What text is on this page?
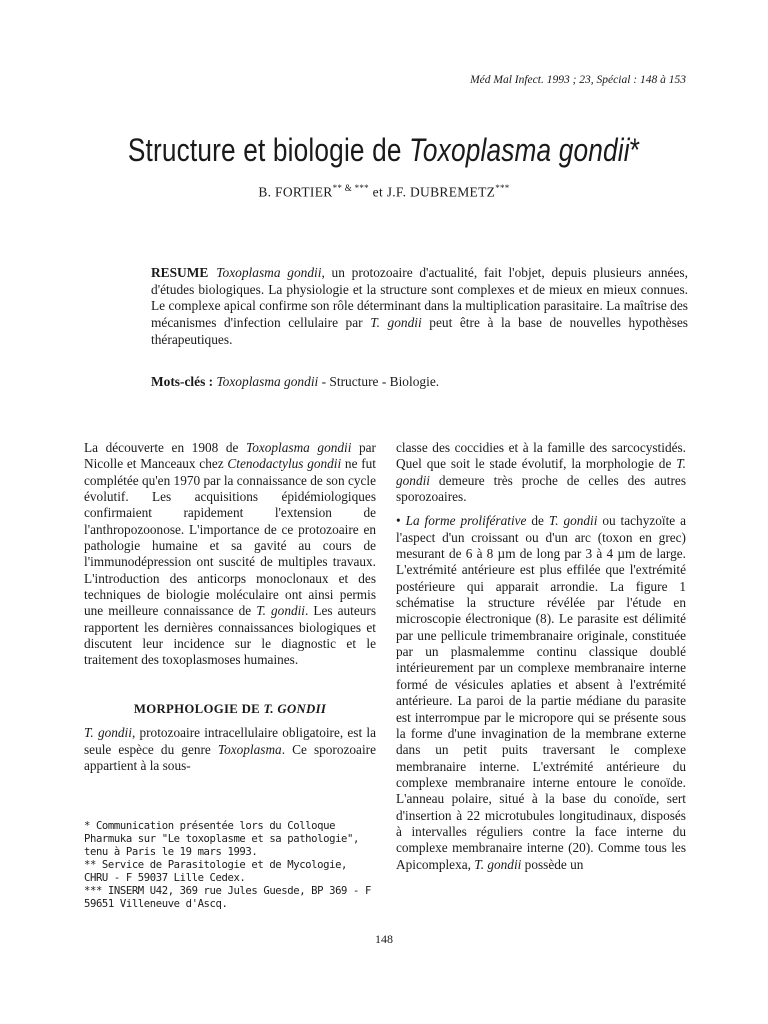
Méd Mal Infect. 1993 ; 23, Spécial : 148 à 153
Structure et biologie de Toxoplasma gondii*
B. FORTIER** & *** et J.F. DUBREMETZ***
RESUME Toxoplasma gondii, un protozoaire d'actualité, fait l'objet, depuis plusieurs années, d'études biologiques. La physiologie et la structure sont complexes et de mieux en mieux connues. Le complexe apical confirme son rôle déterminant dans la multiplication parasitaire. La maîtrise des mécanismes d'infection cellulaire par T. gondii peut être à la base de nouvelles hypothèses thérapeutiques.
Mots-clés : Toxoplasma gondii - Structure - Biologie.

La découverte en 1908 de Toxoplasma gondii par Nicolle et Manceaux chez Ctenodactylus gondii ne fut complétée qu'en 1970 par la connaissance de son cycle évolutif. Les acquisitions épidémiologiques confirmaient rapidement l'extension de l'anthropozoonose. L'importance de ce protozoaire en pathologie humaine et sa gavité au cours de l'immunodépression ont suscité de multiples travaux. L'introduction des anticorps monoclonaux et des techniques de biologie moléculaire ont ainsi permis une meilleure connaissance de T. gondii. Les auteurs rapportent les dernières connaissances biologiques et discutent leur incidence sur le diagnostic et le traitement des toxoplasmoses humaines.

MORPHOLOGIE DE T. GONDII

T. gondii, protozoaire intracellulaire obligatoire, est la seule espèce du genre Toxoplasma. Ce sporozoaire appartient à la sous-

* Communication présentée lors du Colloque Pharmuka sur "Le toxoplasme et sa pathologie", tenu à Paris le 19 mars 1993.

** Service de Parasitologie et de Mycologie, CHRU - F 59037 Lille Cedex.

*** INSERM U42, 369 rue Jules Guesde, BP 369 - F 59651 Villeneuve d'Ascq.

classe des coccidies et à la famille des sarcocystidés. Quel que soit le stade évolutif, la morphologie de T. gondii demeure très proche de celles des autres sporozoaires.

• La forme proliférative de T. gondii ou tachyzoïte a l'aspect d'un croissant ou d'un arc (toxon en grec) mesurant de 6 à 8 µm de long par 3 à 4 µm de large. L'extrémité antérieure est plus effilée que l'extrémité postérieure qui apparait arrondie. La figure 1 schématise la structure révélée par l'étude en microscopie électronique (8). Le parasite est délimité par une pellicule trimembranaire originale, constituée par un plasmalemme continu classique doublé intérieurement par un complexe membranaire interne formé de vésicules aplaties et absent à l'extrémité antérieure. La paroi de la partie médiane du parasite est interrompue par le micropore qui se présente sous la forme d'une invagination de la membrane externe dans un petit puits traversant le complexe membranaire interne. L'extrémité antérieure du complexe membranaire interne entoure le conoïde. L'anneau polaire, situé à la base du conoïde, sert d'insertion à 22 microtubules longitudinaux, disposés à intervalles réguliers contre la face interne du complexe membranaire interne (20). Comme tous les Apicomplexa, T. gondii possède un

148
